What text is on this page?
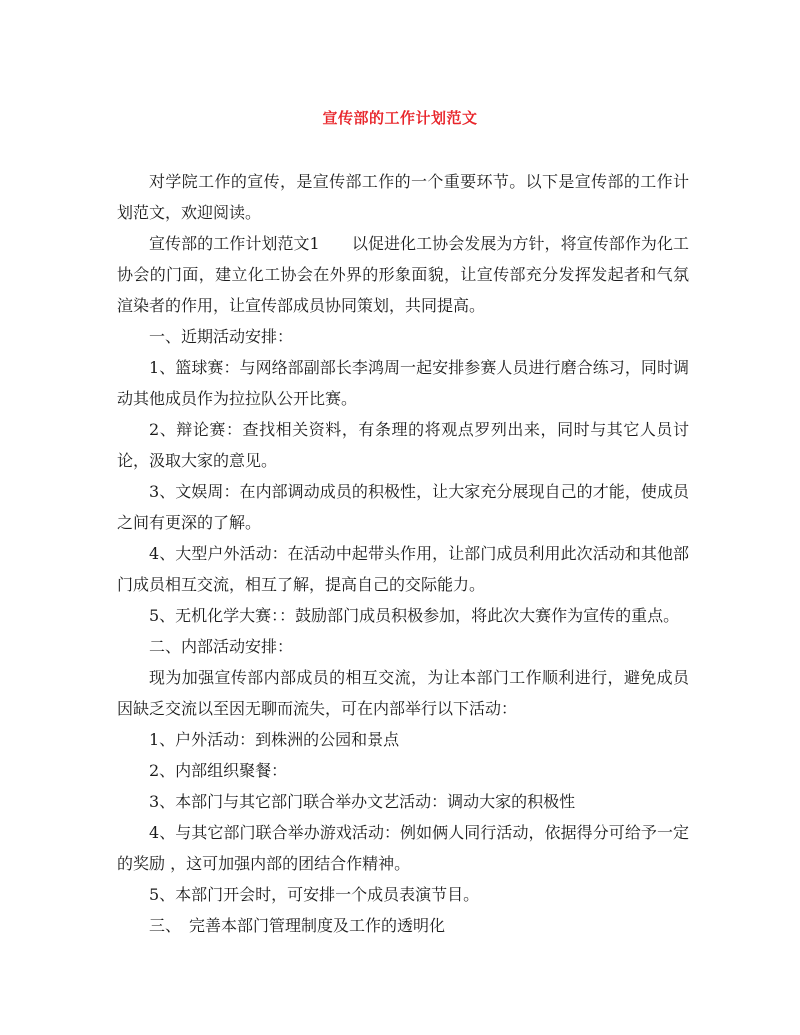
宣传部的工作计划范文

对学院工作的宣传，是宣传部工作的一个重要环节。以下是宣传部的工作计划范文，欢迎阅读。

宣传部的工作计划范文1　　以促进化工协会发展为方针，将宣传部作为化工协会的门面，建立化工协会在外界的形象面貌，让宣传部充分发挥发起者和气氛渲染者的作用，让宣传部成员协同策划，共同提高。

一、近期活动安排：

1、篮球赛：与网络部副部长李鸿周一起安排参赛人员进行磨合练习，同时调动其他成员作为拉拉队公开比赛。

2、辩论赛：查找相关资料，有条理的将观点罗列出来，同时与其它人员讨论，汲取大家的意见。

3、文娱周：在内部调动成员的积极性，让大家充分展现自己的才能，使成员之间有更深的了解。

4、大型户外活动：在活动中起带头作用，让部门成员利用此次活动和其他部门成员相互交流，相互了解，提高自己的交际能力。

5、无机化学大赛：：鼓励部门成员积极参加，将此次大赛作为宣传的重点。

二、内部活动安排：

现为加强宣传部内部成员的相互交流，为让本部门工作顺利进行，避免成员因缺乏交流以至因无聊而流失，可在内部举行以下活动：

1、户外活动：到株洲的公园和景点

2、内部组织聚餐：

3、本部门与其它部门联合举办文艺活动：调动大家的积极性

4、与其它部门联合举办游戏活动：例如俩人同行活动，依据得分可给予一定的奖励 ，这可加强内部的团结合作精神。

5、本部门开会时，可安排一个成员表演节目。

三、　完善本部门管理制度及工作的透明化
